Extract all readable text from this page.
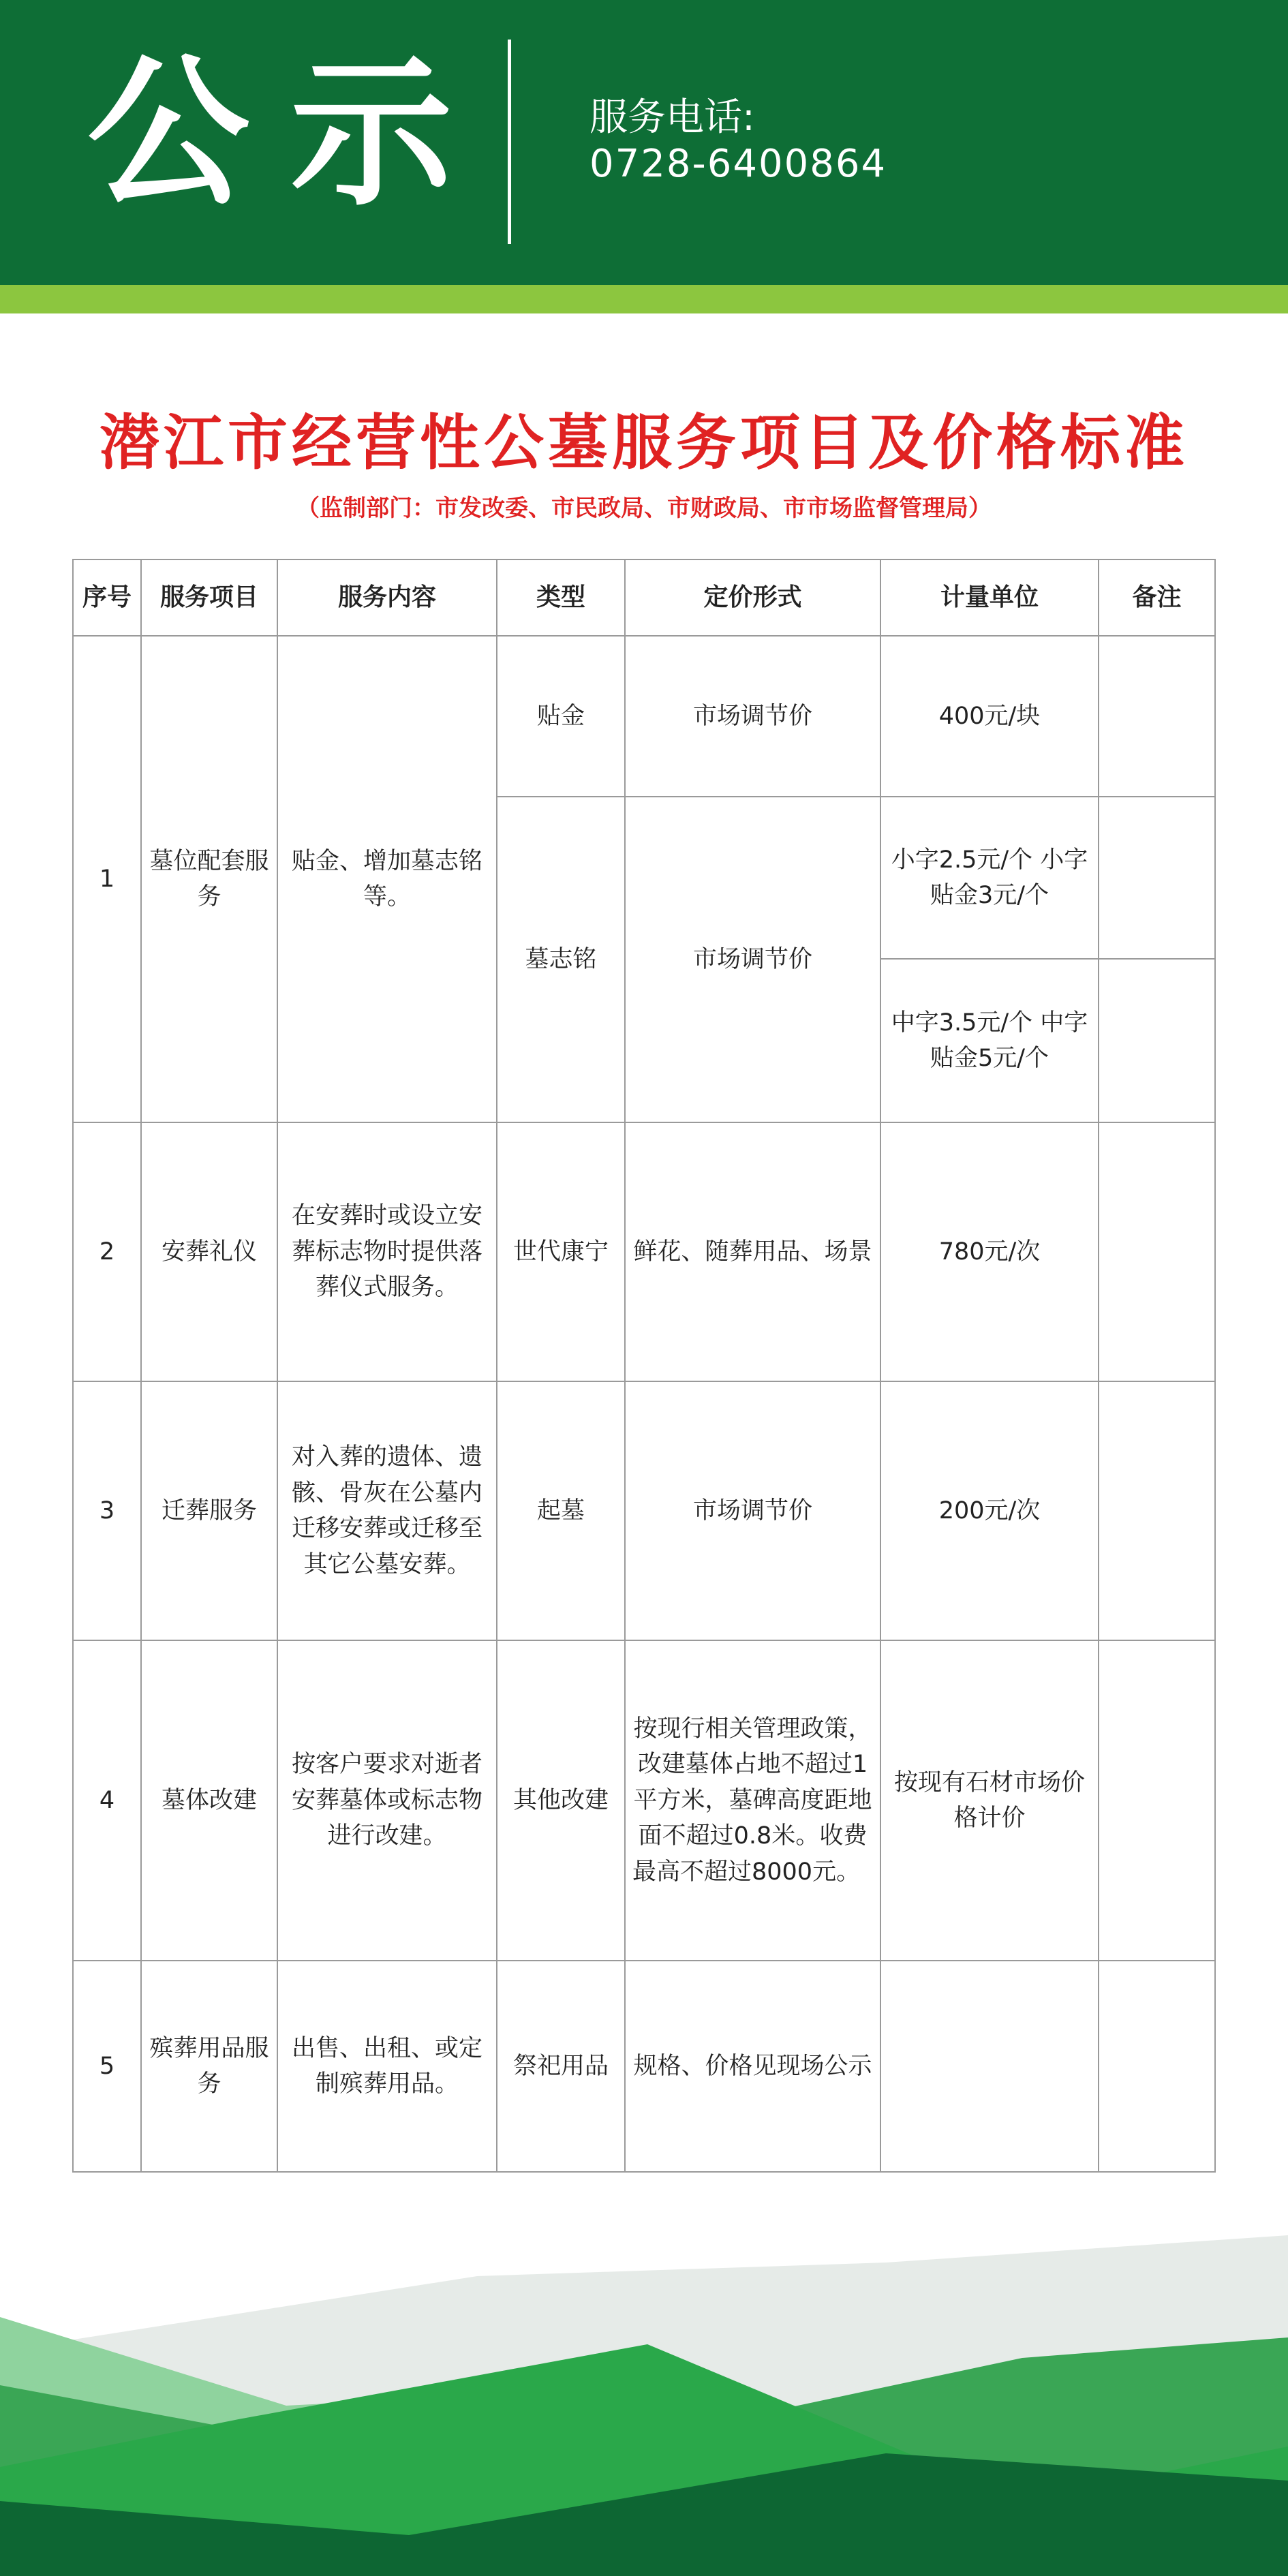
公示	服务电话:
0728-6400864
潜江市经营性公墓服务项目及价格标准
（监制部门：市发改委、市民政局、市财政局、市市场监督管理局）
序号	服务项目	服务内容	类型	定价形式	计量单位	备注
1	墓位配套服务	贴金、增加墓志铭等。	贴金	市场调节价	400元/块	
			墓志铭	市场调节价	小字2.5元/个 小字贴金3元/个	
					中字3.5元/个 中字贴金5元/个	
2	安葬礼仪	在安葬时或设立安葬标志物时提供落葬仪式服务。	世代康宁	鲜花、随葬用品、场景	780元/次	
3	迁葬服务	对入葬的遗体、遗骸、骨灰在公墓内迁移安葬或迁移至其它公墓安葬。	起墓	市场调节价	200元/次	
4	墓体改建	按客户要求对逝者安葬墓体或标志物进行改建。	其他改建	按现行相关管理政策，改建墓体占地不超过1平方米，墓碑高度距地面不超过0.8米。收费最高不超过8000元。	按现有石材市场价格计价	
5	殡葬用品服务	出售、出租、或定制殡葬用品。	祭祀用品	规格、价格见现场公示		
